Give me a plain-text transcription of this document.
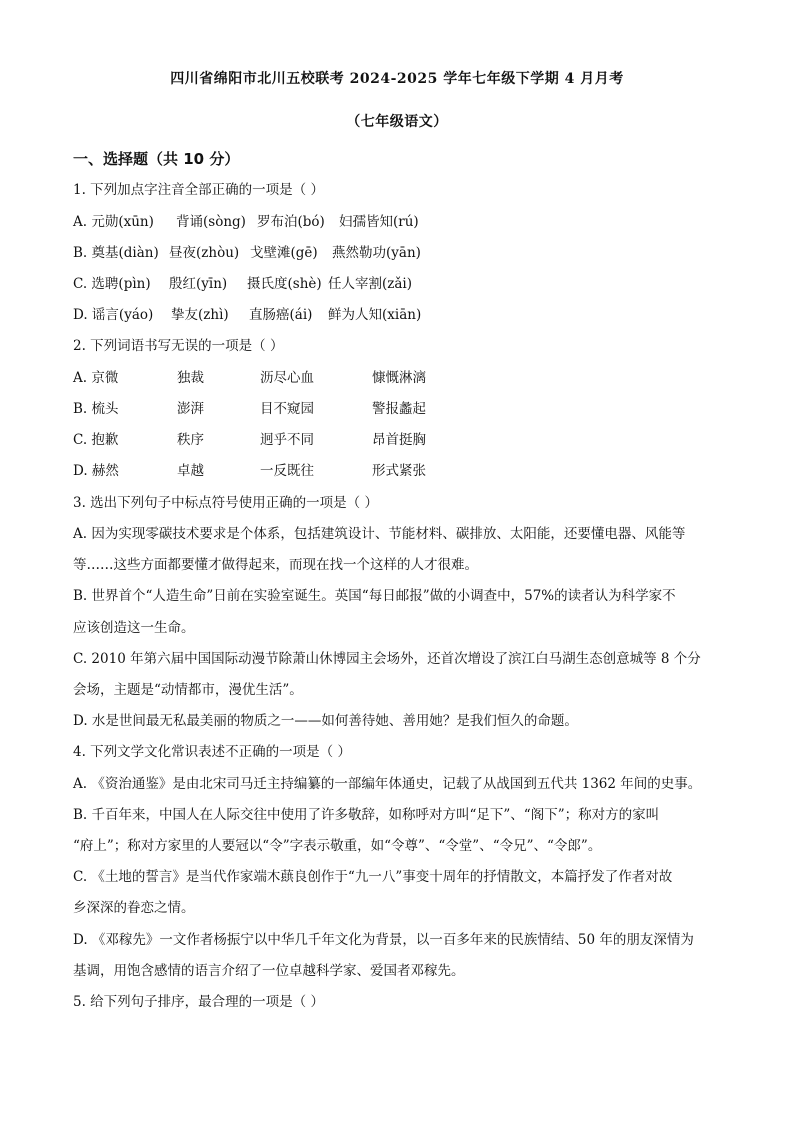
四川省绵阳市北川五校联考 2024-2025 学年七年级下学期 4 月月考
（七年级语文）
一、选择题（共 10 分）
1. 下列加点字注音全部正确的一项是（ ）
A. 元勋(xūn) 背诵(sòng) 罗布泊(bó) 妇孺皆知(rú)
B. 奠基(diàn) 昼夜(zhòu) 戈壁滩(gē) 燕然勒功(yān)
C. 选聘(pìn) 殷红(yīn) 摄氏度(shè) 任人宰割(zǎi)
D. 谣言(yáo) 挚友(zhì) 直肠癌(ái) 鲜为人知(xiān)
2. 下列词语书写无误的一项是（ ）
A. 京微	独裁	沥尽心血	慷慨淋漓
B. 梳头	澎湃	目不窥园	警报蠡起
C. 抱歉	秩序	迥乎不同	昂首挺胸
D. 赫然	卓越	一反既往	形式紧张
3. 选出下列句子中标点符号使用正确的一项是（ ）
A. 因为实现零碳技术要求是个体系，包括建筑设计、节能材料、碳排放、太阳能，还要懂电器、风能等
等……这些方面都要懂才做得起来，而现在找一个这样的人才很难。
B. 世界首个“人造生命”日前在实验室诞生。英国“每日邮报”做的小调查中，57%的读者认为科学家不
应该创造这一生命。
C. 2010 年第六届中国国际动漫节除萧山休博园主会场外，还首次增设了滨江白马湖生态创意城等 8 个分
会场，主题是“动情都市，漫优生活”。
D. 水是世间最无私最美丽的物质之一——如何善待她、善用她？是我们恒久的命题。
4. 下列文学文化常识表述不正确的一项是（ ）
A. 《资治通鉴》是由北宋司马迁主持编纂的一部编年体通史，记载了从战国到五代共 1362 年间的史事。
B. 千百年来，中国人在人际交往中使用了许多敬辞，如称呼对方叫“足下”、“阁下”；称对方的家叫
“府上”；称对方家里的人要冠以“令”字表示敬重，如“令尊”、“令堂”、“令兄”、“令郎”。
C. 《土地的誓言》是当代作家端木蕻良创作于“九一八”事变十周年的抒情散文，本篇抒发了作者对故
乡深深的眷恋之情。
D. 《邓稼先》一文作者杨振宁以中华几千年文化为背景，以一百多年来的民族情结、50 年的朋友深情为
基调，用饱含感情的语言介绍了一位卓越科学家、爱国者邓稼先。
5. 给下列句子排序，最合理的一项是（ ）
